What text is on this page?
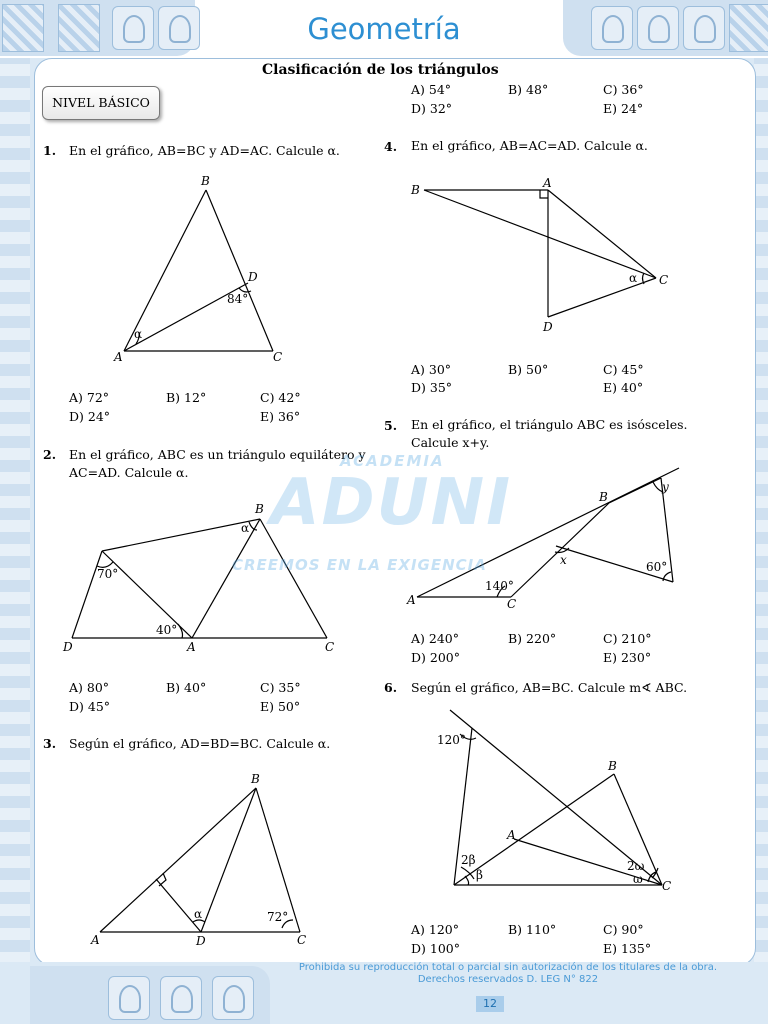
Geometría
Clasificación de los triángulos
NIVEL BÁSICO
A) 54°	B) 48°	C) 36°
D) 32°	E) 24°
1. En el gráfico, AB=BC y AD=AC. Calcule α.
B
D
A	C
84°
α
A) 72°	B) 12°	C) 42°
D) 24°	E) 36°
2. En el gráfico, ABC es un triángulo equilátero y
AC=AD. Calcule α.
B
D	A	C
70°
40°
α
A) 80°	B) 40°	C) 35°
D) 45°	E) 50°
3. Según el gráfico, AD=BD=BC. Calcule α.
B
A	D	C
72°
α
4. En el gráfico, AB=AC=AD. Calcule α.
B	A
C
D
α
A) 30°	B) 50°	C) 45°
D) 35°	E) 40°
5. En el gráfico, el triángulo ABC es isósceles.
Calcule x+y.
A
B
C
y
x	60°
140°
A) 240°	B) 220°	C) 210°
D) 200°	E) 230°
6. Según el gráfico, AB=BC. Calcule m∢ ABC.
B
A
C
120°
2β
β
2ω
ω
A) 120°	B) 110°	C) 90°
D) 100°	E) 135°
ACADEMIA
ADUNI
CREEMOS EN LA EXIGENCIA
Prohibida su reproducción total o parcial sin autorización de los titulares de la obra.
Derechos reservados D. LEG N° 822
12
